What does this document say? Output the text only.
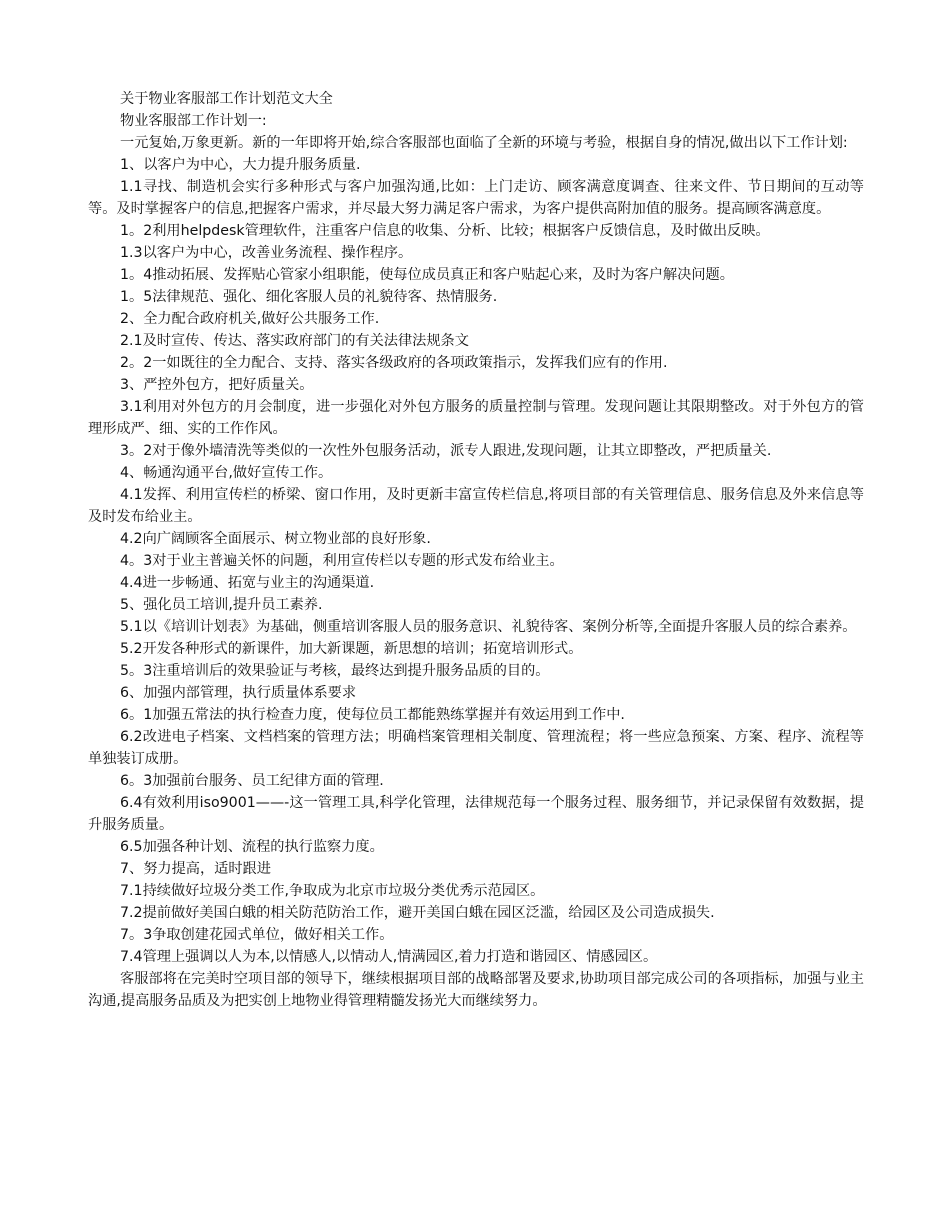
关于物业客服部工作计划范文大全

物业客服部工作计划一:

一元复始,万象更新。新的一年即将开始,综合客服部也面临了全新的环境与考验，根据自身的情况,做出以下工作计划:

1、以客户为中心，大力提升服务质量.

1.1寻找、制造机会实行多种形式与客户加强沟通,比如：上门走访、顾客满意度调查、往来文件、节日期间的互动等等。及时掌握客户的信息,把握客户需求，并尽最大努力满足客户需求，为客户提供高附加值的服务。提高顾客满意度。

1。2利用helpdesk管理软件，注重客户信息的收集、分析、比较；根据客户反馈信息，及时做出反映。

1.3以客户为中心，改善业务流程、操作程序。

1。4推动拓展、发挥贴心管家小组职能，使每位成员真正和客户贴起心来，及时为客户解决问题。

1。5法律规范、强化、细化客服人员的礼貌待客、热情服务.

2、全力配合政府机关,做好公共服务工作.

2.1及时宣传、传达、落实政府部门的有关法律法规条文

2。2一如既往的全力配合、支持、落实各级政府的各项政策指示，发挥我们应有的作用.

3、严控外包方，把好质量关。

3.1利用对外包方的月会制度，进一步强化对外包方服务的质量控制与管理。发现问题让其限期整改。对于外包方的管理形成严、细、实的工作作风。

3。2对于像外墙清洗等类似的一次性外包服务活动，派专人跟进,发现问题，让其立即整改，严把质量关.

4、畅通沟通平台,做好宣传工作。

4.1发挥、利用宣传栏的桥梁、窗口作用，及时更新丰富宣传栏信息,将项目部的有关管理信息、服务信息及外来信息等及时发布给业主。

4.2向广阔顾客全面展示、树立物业部的良好形象.

4。3对于业主普遍关怀的问题，利用宣传栏以专题的形式发布给业主。

4.4进一步畅通、拓宽与业主的沟通渠道.

5、强化员工培训,提升员工素养.

5.1以《培训计划表》为基础，侧重培训客服人员的服务意识、礼貌待客、案例分析等,全面提升客服人员的综合素养。

5.2开发各种形式的新课件，加大新课题，新思想的培训；拓宽培训形式。

5。3注重培训后的效果验证与考核，最终达到提升服务品质的目的。

6、加强内部管理，执行质量体系要求

6。1加强五常法的执行检查力度，使每位员工都能熟练掌握并有效运用到工作中.

6.2改进电子档案、文档档案的管理方法；明确档案管理相关制度、管理流程；将一些应急预案、方案、程序、流程等单独装订成册。

6。3加强前台服务、员工纪律方面的管理.

6.4有效利用iso9001——-这一管理工具,科学化管理，法律规范每一个服务过程、服务细节，并记录保留有效数据，提升服务质量。

6.5加强各种计划、流程的执行监察力度。

7、努力提高，适时跟进

7.1持续做好垃圾分类工作,争取成为北京市垃圾分类优秀示范园区。

7.2提前做好美国白蛾的相关防范防治工作，避开美国白蛾在园区泛滥，给园区及公司造成损失.

7。3争取创建花园式单位，做好相关工作。

7.4管理上强调以人为本,以情感人,以情动人,情满园区,着力打造和谐园区、情感园区。

客服部将在完美时空项目部的领导下，继续根据项目部的战略部署及要求,协助项目部完成公司的各项指标，加强与业主沟通,提高服务品质及为把实创上地物业得管理精髓发扬光大而继续努力。
